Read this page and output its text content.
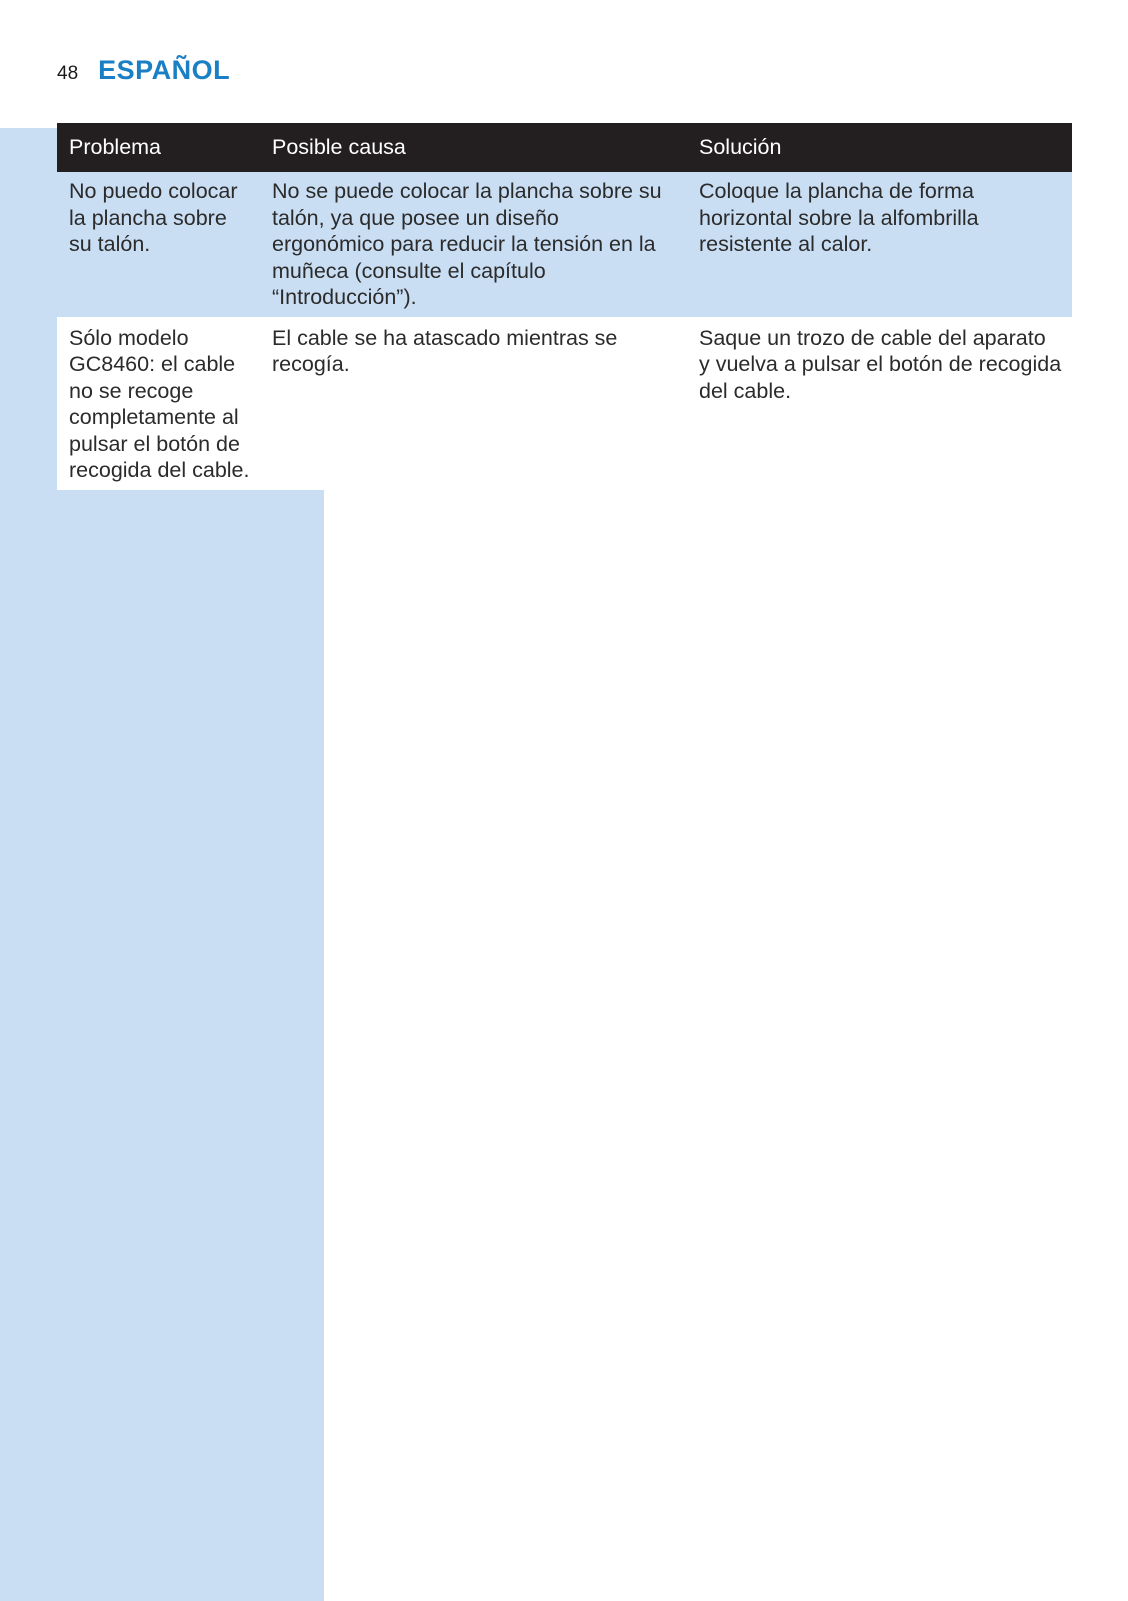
48 ESPAÑOL
Problema	Posible causa	Solución
No puedo colocar la plancha sobre su talón.	No se puede colocar la plancha sobre su talón, ya que posee un diseño ergonómico para reducir la tensión en la muñeca (consulte el capítulo “Introducción”).	Coloque la plancha de forma horizontal sobre la alfombrilla resistente al calor.
Sólo modelo GC8460: el cable no se recoge completamente al pulsar el botón de recogida del cable.	El cable se ha atascado mientras se recogía.	Saque un trozo de cable del aparato y vuelva a pulsar el botón de recogida del cable.
